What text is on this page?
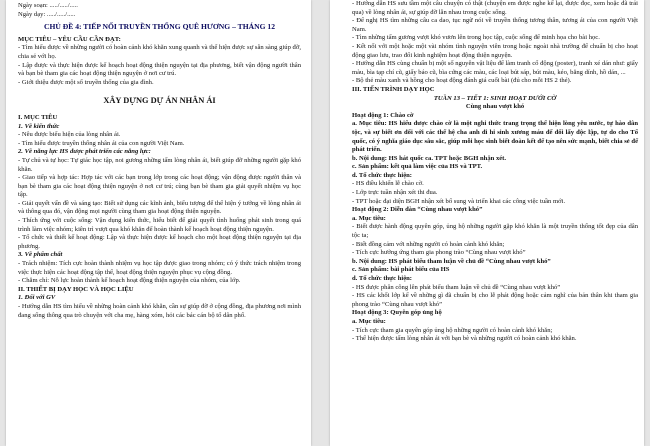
Ngày soạn: ...../...../.....
Ngày dạy: ...../...../.....
CHỦ ĐỀ 4: TIẾP NỐI TRUYỀN THỐNG QUÊ HƯƠNG – THÁNG 12
MỤC TIÊU – YÊU CẦU CẦN ĐẠT:
- Tìm hiểu được về những người có hoàn cảnh khó khăn xung quanh và thể hiện được sự sẵn sàng giúp đỡ, chia sẻ với họ.
- Lập được và thực hiện được kế hoạch hoạt động thiện nguyện tại địa phương, biết vận động người thân và bạn bè tham gia các hoạt động thiện nguyện ở nơi cư trú.
- Giới thiệu được một số truyền thống của gia đình.
XÂY DỰNG DỰ ÁN NHÂN ÁI
I. MỤC TIÊU
1. Về kiến thức
- Nêu được biểu hiện của lòng nhân ái.
- Tìm hiểu được truyền thống nhân ái của con người Việt Nam.
2. Về năng lực HS được phát triển các năng lực:
- Tự chủ và tự học: Tự giác học tập, noi gương những tấm lòng nhân ái, biết giúp đỡ những người gặp khó khăn.
- Giao tiếp và hợp tác: Hợp tác với các bạn trong lớp trong các hoạt động; vận động được người thân và bạn bè tham gia các hoạt động thiện nguyện ở nơi cư trú; cùng bạn bè tham gia giải quyết nhiệm vụ học tập.
- Giải quyết vấn đề và sáng tạo: Biết sử dụng các kĩnh ảnh, biểu tượng để thể hiện ý tưởng về lòng nhân ái và thông qua đó, vận động mọi người cùng tham gia hoạt động thiện nguyện.
- Thích ứng với cuộc sống: Vận dụng kiến thức, hiểu biết để giải quyết tình huống phát sinh trong quá trình làm việc nhóm; kiên trì vượt qua khó khăn để hoàn thành kế hoạch hoạt động thiện nguyện.
- Tổ chức và thiết kế hoạt động: Lập và thực hiện được kế hoạch cho một hoạt động thiện nguyện tại địa phương.
3. Về phẩm chất
- Trách nhiệm: Tích cực hoàn thành nhiệm vụ học tập được giao trong nhóm; có ý thức trách nhiệm trong việc thực hiện các hoạt động tập thể, hoạt động thiện nguyện phục vụ cộng đồng.
- Chăm chỉ: Nỗ lực hoàn thành kế hoạch hoạt động thiện nguyện của nhóm, của lớp.
II. THIẾT BỊ DẠY HỌC VÀ HỌC LIỆU
1. Đối với GV
- Hướng dẫn HS tìm hiểu về những hoàn cảnh khó khăn, cần sự giúp đỡ ở cộng đồng, địa phương nơi mình đang sống thông qua trò chuyện với cha mẹ, hàng xóm, hỏi các bác cán bộ tổ dân phố.
- Hướng dẫn HS sưu tầm một câu chuyện có thật (chuyện em được nghe kể lại, được đọc, xem hoặc đã trải qua) về lòng nhân ái, sự giúp đỡ lẫn nhau trong cuộc sống.
- Để nghị HS tìm những câu ca dao, tục ngữ nói về truyền thống tương thân, tương ái của con người Việt Nam.
- Tìm những tấm gương vượt khó vươn lên trong học tập, cuộc sống để minh họa cho bài học.
- Kết nối với một hoặc một vài nhóm tình nguyện viên trong hoặc ngoài nhà trường để chuẩn bị cho hoạt động giao lưu, trao đổi kinh nghiệm hoạt động thiện nguyện.
- Hướng dẫn HS cùng chuẩn bị một số nguyên vật liệu để làm tranh cổ động (poster), tranh xé dán như: giấy màu, bìa tạp chí cũ, giấy báo cũ, bìa cứng các màu, các loại bút sáp, bút màu, kéo, băng dính, hồ dán, ...
- Bộ thẻ màu xanh và hồng cho hoạt động đánh giá cuối bài (đủ cho mỗi HS 2 thẻ).
III. TIẾN TRÌNH DẠY HỌC
TUẦN 13 – TIẾT 1: SINH HOẠT DƯỚI CỜ
Cùng nhau vượt khó
Hoạt động 1: Chào cờ
a. Mục tiêu: HS hiểu được chào cờ là một nghi thức trang trọng thể hiện lòng yêu nước, tự hào dân tộc, và sự biết ơn đối với các thế hệ cha anh đi hi sinh xương máu để đổi lấy độc lập, tự do cho Tổ quốc, có ý nghĩa giáo dục sâu sắc, giúp mỗi học sinh biết đoàn kết để tạo nên sức mạnh, biết chia sẻ để phát triển.
b. Nội dung: HS hát quốc ca. TPT hoặc BGH nhận xét.
c. Sản phẩm: kết quả làm việc của HS và TPT.
d. Tổ chức thực hiện:
- HS điều khiển lễ chào cờ.
- Lớp trực tuần nhận xét thi đua.
- TPT hoặc đại diện BGH nhận xét bổ sung và triển khai các công việc tuần mới.
Hoạt động 2: Diễn đàn “Cùng nhau vượt khó”
a. Mục tiêu:
- Biết được hành động quyên góp, ủng hộ những người gặp khó khăn là một truyền thống tốt đẹp của dân tộc ta;
- Biết đồng cảm với những người có hoàn cảnh khó khăn;
- Tích cực hưởng ứng tham gia phong trào “Cùng nhau vượt khó”
b. Nội dung: HS phát biểu tham luận về chủ đề “Cùng nhau vượt khó”
c. Sản phẩm: bài phát biểu của HS
d. Tổ chức thực hiện:
- HS được phân công lên phát biểu tham luận về chủ đề “Cùng nhau vượt khó”
- HS các khối lớp kể về những gì đã chuẩn bị cho lễ phát động hoặc cảm nghĩ của bản thân khi tham gia phong trào “Cùng nhau vượt khó”
Hoạt động 3: Quyên góp ủng hộ
a. Mục tiêu:
- Tích cực tham gia quyên góp ủng hộ những người có hoàn cảnh khó khăn;
- Thể hiện được tấm lòng nhân ái với bạn bè và những người có hoàn cảnh khó khăn.
